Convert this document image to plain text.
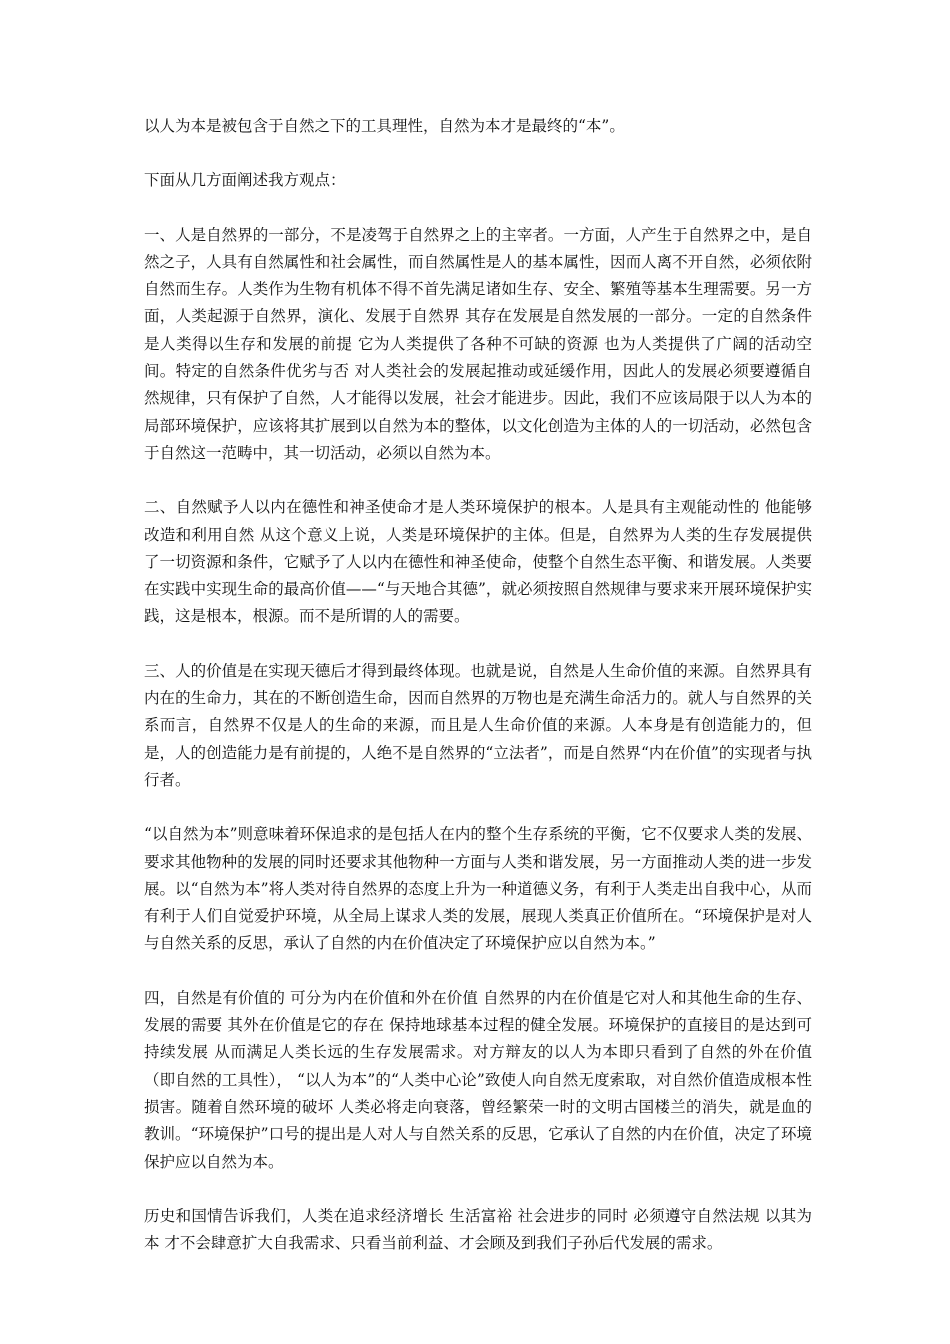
以人为本是被包含于自然之下的工具理性，自然为本才是最终的“本”。

下面从几方面阐述我方观点：

一、人是自然界的一部分，不是凌驾于自然界之上的主宰者。一方面，人产生于自然界之中，是自然之子，人具有自然属性和社会属性，而自然属性是人的基本属性，因而人离不开自然，必须依附自然而生存。人类作为生物有机体不得不首先满足诸如生存、安全、繁殖等基本生理需要。另一方面，人类起源于自然界，演化、发展于自然界 其存在发展是自然发展的一部分。一定的自然条件是人类得以生存和发展的前提 它为人类提供了各种不可缺的资源 也为人类提供了广阔的活动空间。特定的自然条件优劣与否 对人类社会的发展起推动或延缓作用，因此人的发展必须要遵循自然规律，只有保护了自然，人才能得以发展，社会才能进步。因此，我们不应该局限于以人为本的局部环境保护，应该将其扩展到以自然为本的整体，以文化创造为主体的人的一切活动，必然包含于自然这一范畴中，其一切活动，必须以自然为本。

二、自然赋予人以内在德性和神圣使命才是人类环境保护的根本。人是具有主观能动性的 他能够改造和利用自然 从这个意义上说，人类是环境保护的主体。但是，自然界为人类的生存发展提供了一切资源和条件，它赋予了人以内在德性和神圣使命，使整个自然生态平衡、和谐发展。人类要在实践中实现生命的最高价值——“与天地合其德”，就必须按照自然规律与要求来开展环境保护实践，这是根本，根源。而不是所谓的人的需要。

三、人的价值是在实现天德后才得到最终体现。也就是说，自然是人生命价值的来源。自然界具有内在的生命力，其在的不断创造生命，因而自然界的万物也是充满生命活力的。就人与自然界的关系而言，自然界不仅是人的生命的来源，而且是人生命价值的来源。人本身是有创造能力的，但是，人的创造能力是有前提的，人绝不是自然界的“立法者”，而是自然界“内在价值”的实现者与执行者。

“以自然为本”则意味着环保追求的是包括人在内的整个生存系统的平衡，它不仅要求人类的发展、要求其他物种的发展的同时还要求其他物种一方面与人类和谐发展，另一方面推动人类的进一步发展。以“自然为本”将人类对待自然界的态度上升为一种道德义务，有利于人类走出自我中心，从而有利于人们自觉爱护环境，从全局上谋求人类的发展，展现人类真正价值所在。“环境保护是对人与自然关系的反思，承认了自然的内在价值决定了环境保护应以自然为本。”

四，自然是有价值的 可分为内在价值和外在价值 自然界的内在价值是它对人和其他生命的生存、发展的需要 其外在价值是它的存在 保持地球基本过程的健全发展。环境保护的直接目的是达到可持续发展 从而满足人类长远的生存发展需求。对方辩友的以人为本即只看到了自然的外在价值（即自然的工具性）， “以人为本”的“人类中心论”致使人向自然无度索取，对自然价值造成根本性损害。随着自然环境的破坏 人类必将走向衰落，曾经繁荣一时的文明古国楼兰的消失，就是血的教训。“环境保护”口号的提出是人对人与自然关系的反思，它承认了自然的内在价值，决定了环境保护应以自然为本。

历史和国情告诉我们，人类在追求经济增长 生活富裕 社会进步的同时 必须遵守自然法规 以其为本 才不会肆意扩大自我需求、只看当前利益、才会顾及到我们子孙后代发展的需求。
